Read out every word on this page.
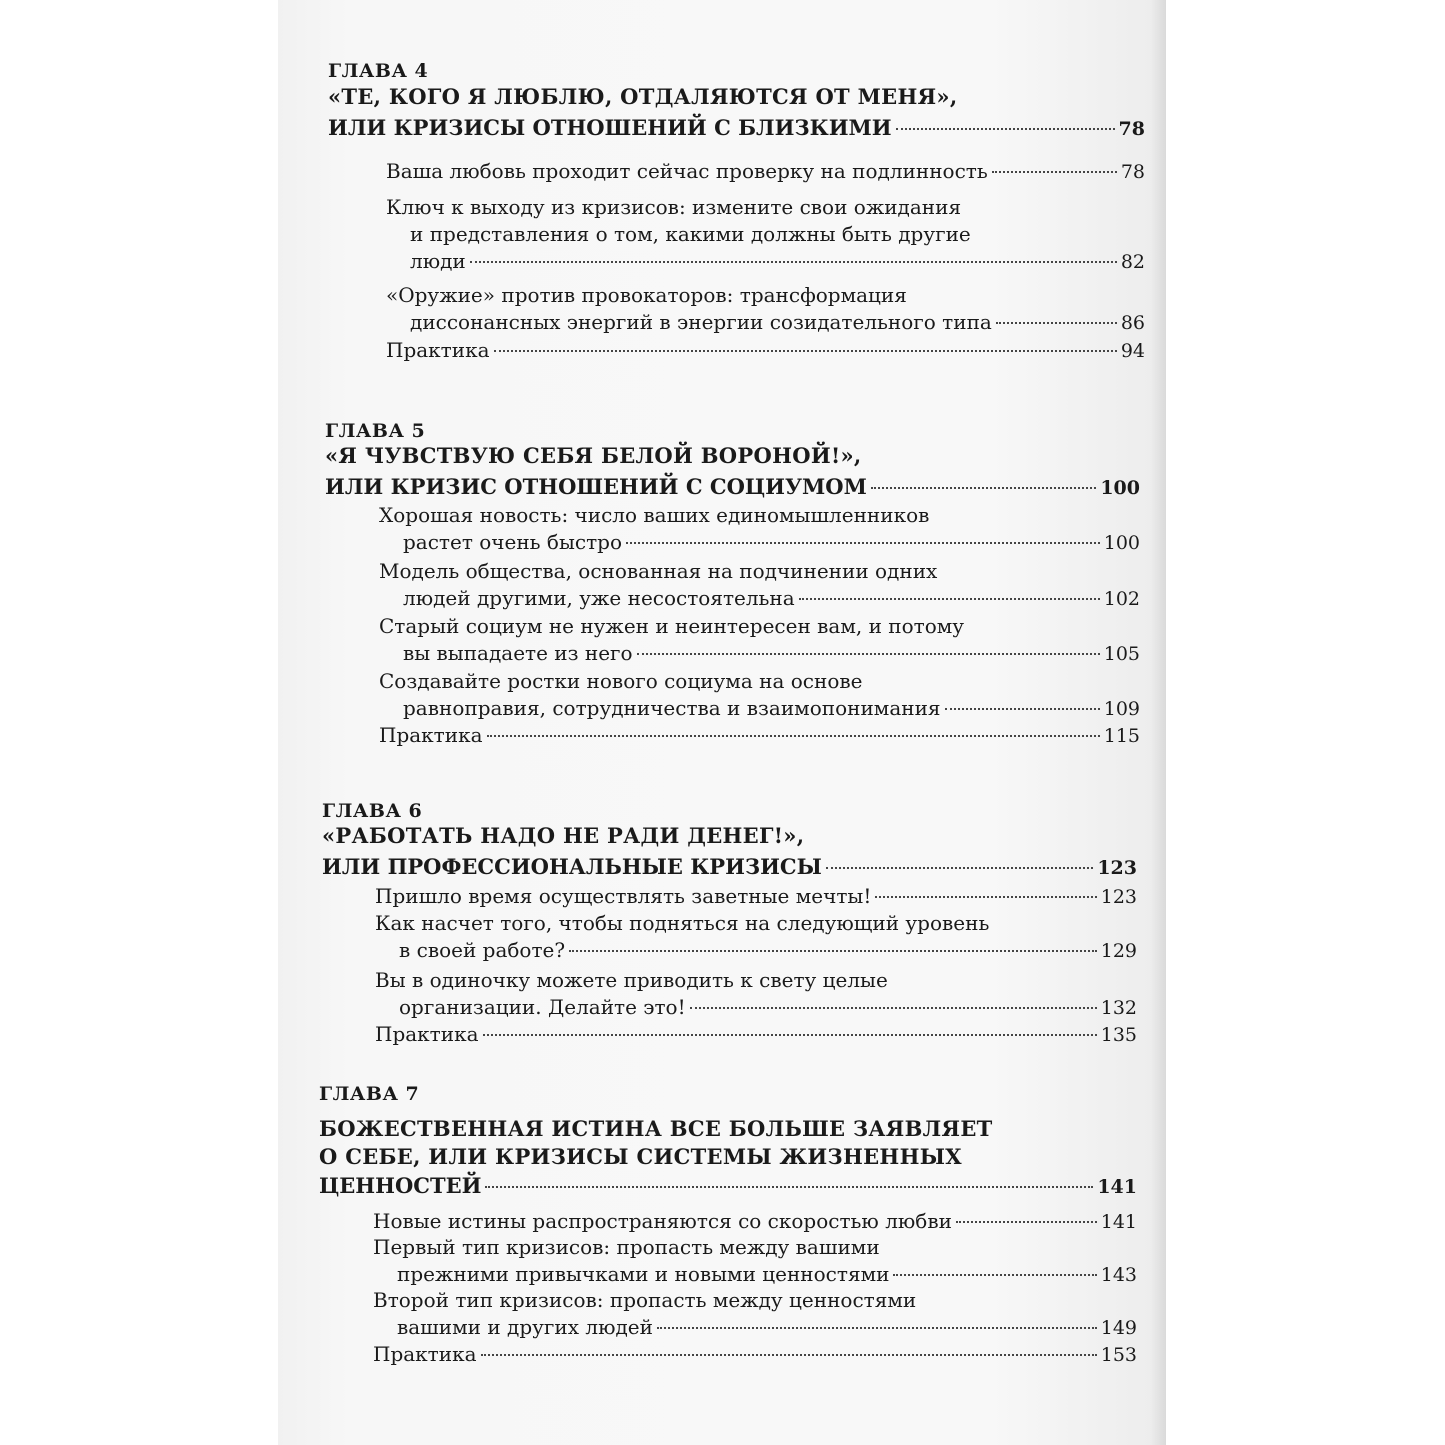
ГЛАВА 4
«ТЕ, КОГО Я ЛЮБЛЮ, ОТДАЛЯЮТСЯ ОТ МЕНЯ»,
ИЛИ КРИЗИСЫ ОТНОШЕНИЙ С БЛИЗКИМИ	78
Ваша любовь проходит сейчас проверку на подлинность	78
Ключ к выходу из кризисов: измените свои ожидания
и представления о том, какими должны быть другие
люди	82
«Оружие» против провокаторов: трансформация
диссонансных энергий в энергии созидательного типа	86
Практика	94
ГЛАВА 5
«Я ЧУВСТВУЮ СЕБЯ БЕЛОЙ ВОРОНОЙ!»,
ИЛИ КРИЗИС ОТНОШЕНИЙ С СОЦИУМОМ	100
Хорошая новость: число ваших единомышленников
растет очень быстро	100
Модель общества, основанная на подчинении одних
людей другими, уже несостоятельна	102
Старый социум не нужен и неинтересен вам, и потому
вы выпадаете из него	105
Создавайте ростки нового социума на основе
равноправия, сотрудничества и взаимопонимания	109
Практика	115
ГЛАВА 6
«РАБОТАТЬ НАДО НЕ РАДИ ДЕНЕГ!»,
ИЛИ ПРОФЕССИОНАЛЬНЫЕ КРИЗИСЫ	123
Пришло время осуществлять заветные мечты!	123
Как насчет того, чтобы подняться на следующий уровень
в своей работе?	129
Вы в одиночку можете приводить к свету целые
организации. Делайте это!	132
Практика	135
ГЛАВА 7
БОЖЕСТВЕННАЯ ИСТИНА ВСЕ БОЛЬШЕ ЗАЯВЛЯЕТ
О СЕБЕ, ИЛИ КРИЗИСЫ СИСТЕМЫ ЖИЗНЕННЫХ
ЦЕННОСТЕЙ	141
Новые истины распространяются со скоростью любви	141
Первый тип кризисов: пропасть между вашими
прежними привычками и новыми ценностями	143
Второй тип кризисов: пропасть между ценностями
вашими и других людей	149
Практика	153
